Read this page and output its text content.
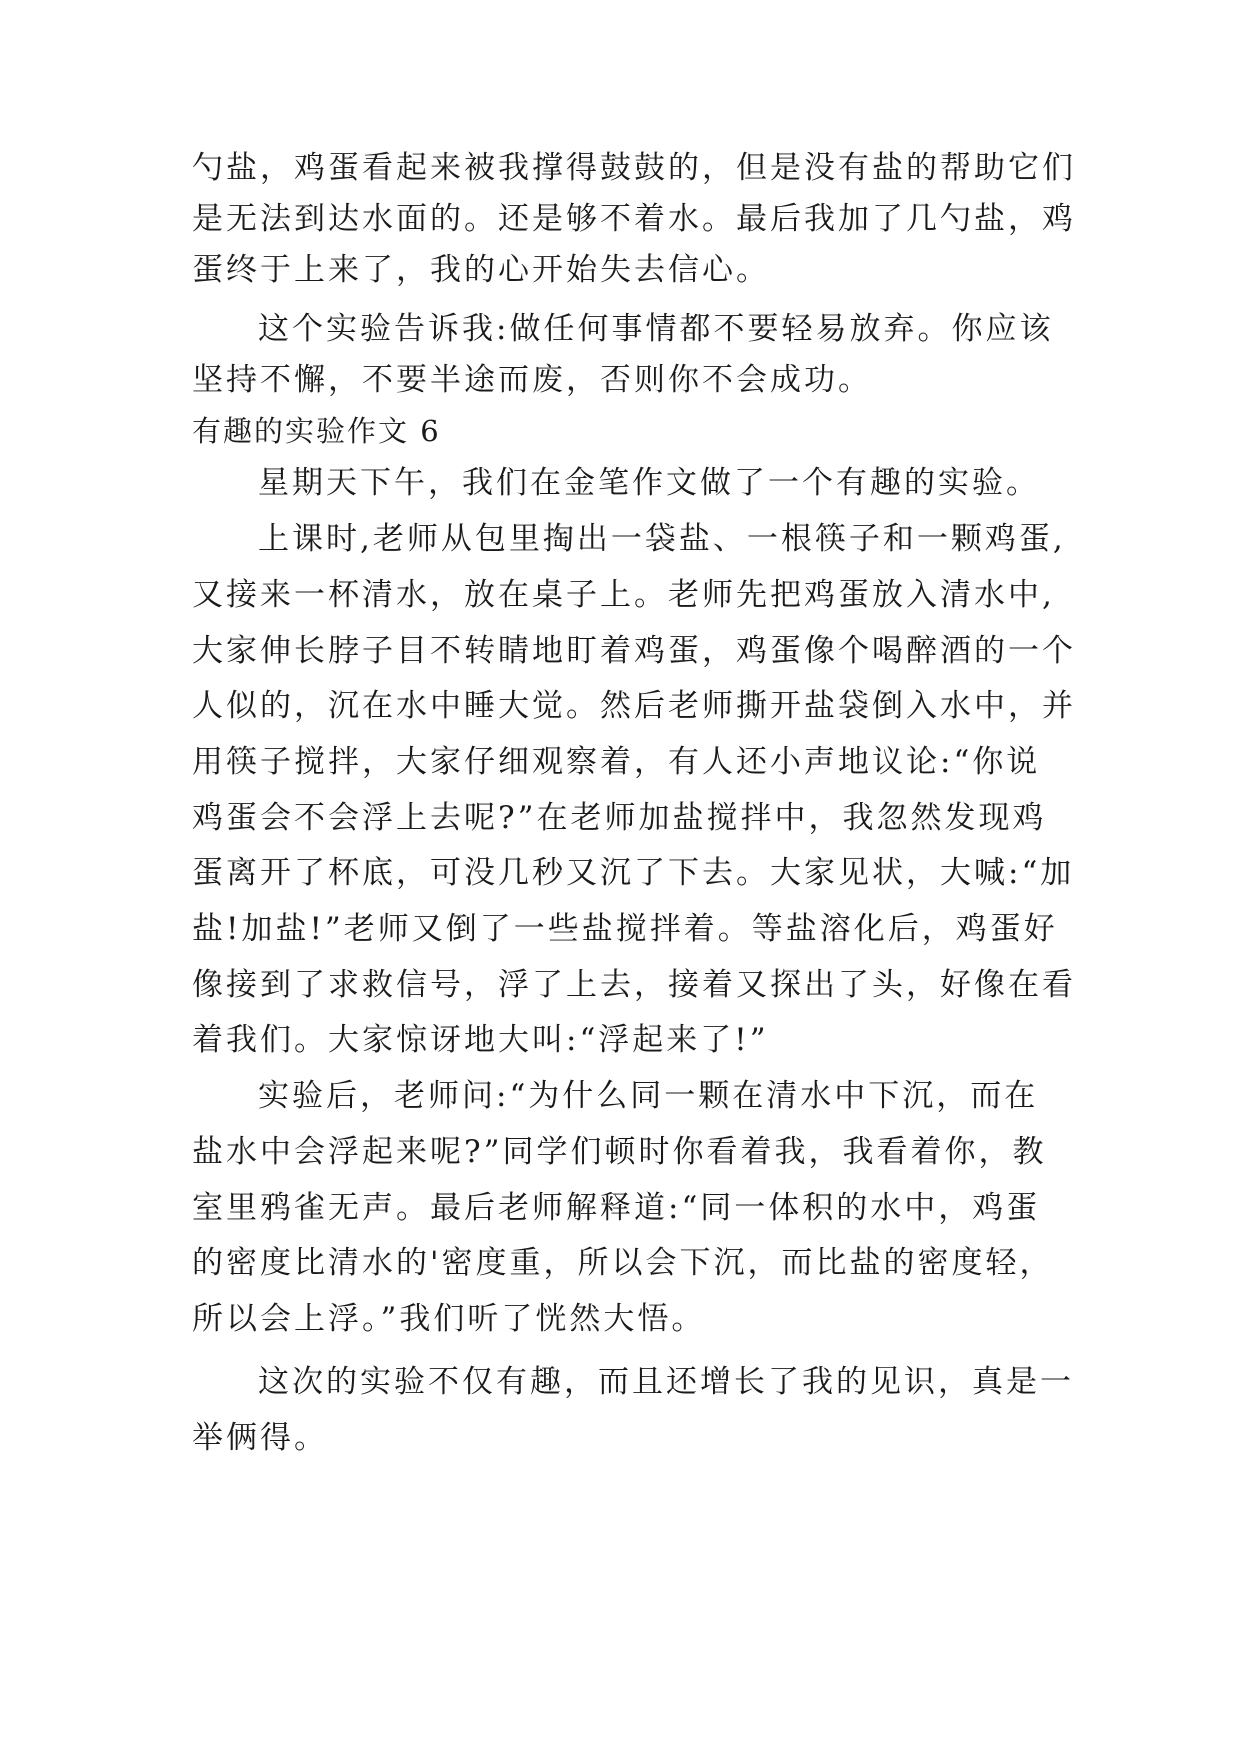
勺盐，鸡蛋看起来被我撑得鼓鼓的，但是没有盐的帮助它们
是无法到达水面的。还是够不着水。最后我加了几勺盐，鸡
蛋终于上来了，我的心开始失去信心。
这个实验告诉我:做任何事情都不要轻易放弃。你应该
坚持不懈，不要半途而废，否则你不会成功。
有趣的实验作文 6
星期天下午，我们在金笔作文做了一个有趣的实验。
上课时,老师从包里掏出一袋盐、一根筷子和一颗鸡蛋,
又接来一杯清水，放在桌子上。老师先把鸡蛋放入清水中,
大家伸长脖子目不转睛地盯着鸡蛋，鸡蛋像个喝醉酒的一个
人似的，沉在水中睡大觉。然后老师撕开盐袋倒入水中，并
用筷子搅拌，大家仔细观察着，有人还小声地议论:“你说
鸡蛋会不会浮上去呢?”在老师加盐搅拌中，我忽然发现鸡
蛋离开了杯底，可没几秒又沉了下去。大家见状，大喊:“加
盐!加盐!”老师又倒了一些盐搅拌着。等盐溶化后，鸡蛋好
像接到了求救信号，浮了上去，接着又探出了头，好像在看
着我们。大家惊讶地大叫:“浮起来了!”
实验后，老师问:“为什么同一颗在清水中下沉，而在
盐水中会浮起来呢?”同学们顿时你看着我，我看着你，教
室里鸦雀无声。最后老师解释道:“同一体积的水中，鸡蛋
的密度比清水的'密度重，所以会下沉，而比盐的密度轻，
所以会上浮。”我们听了恍然大悟。
这次的实验不仅有趣，而且还增长了我的见识，真是一
举俩得。
